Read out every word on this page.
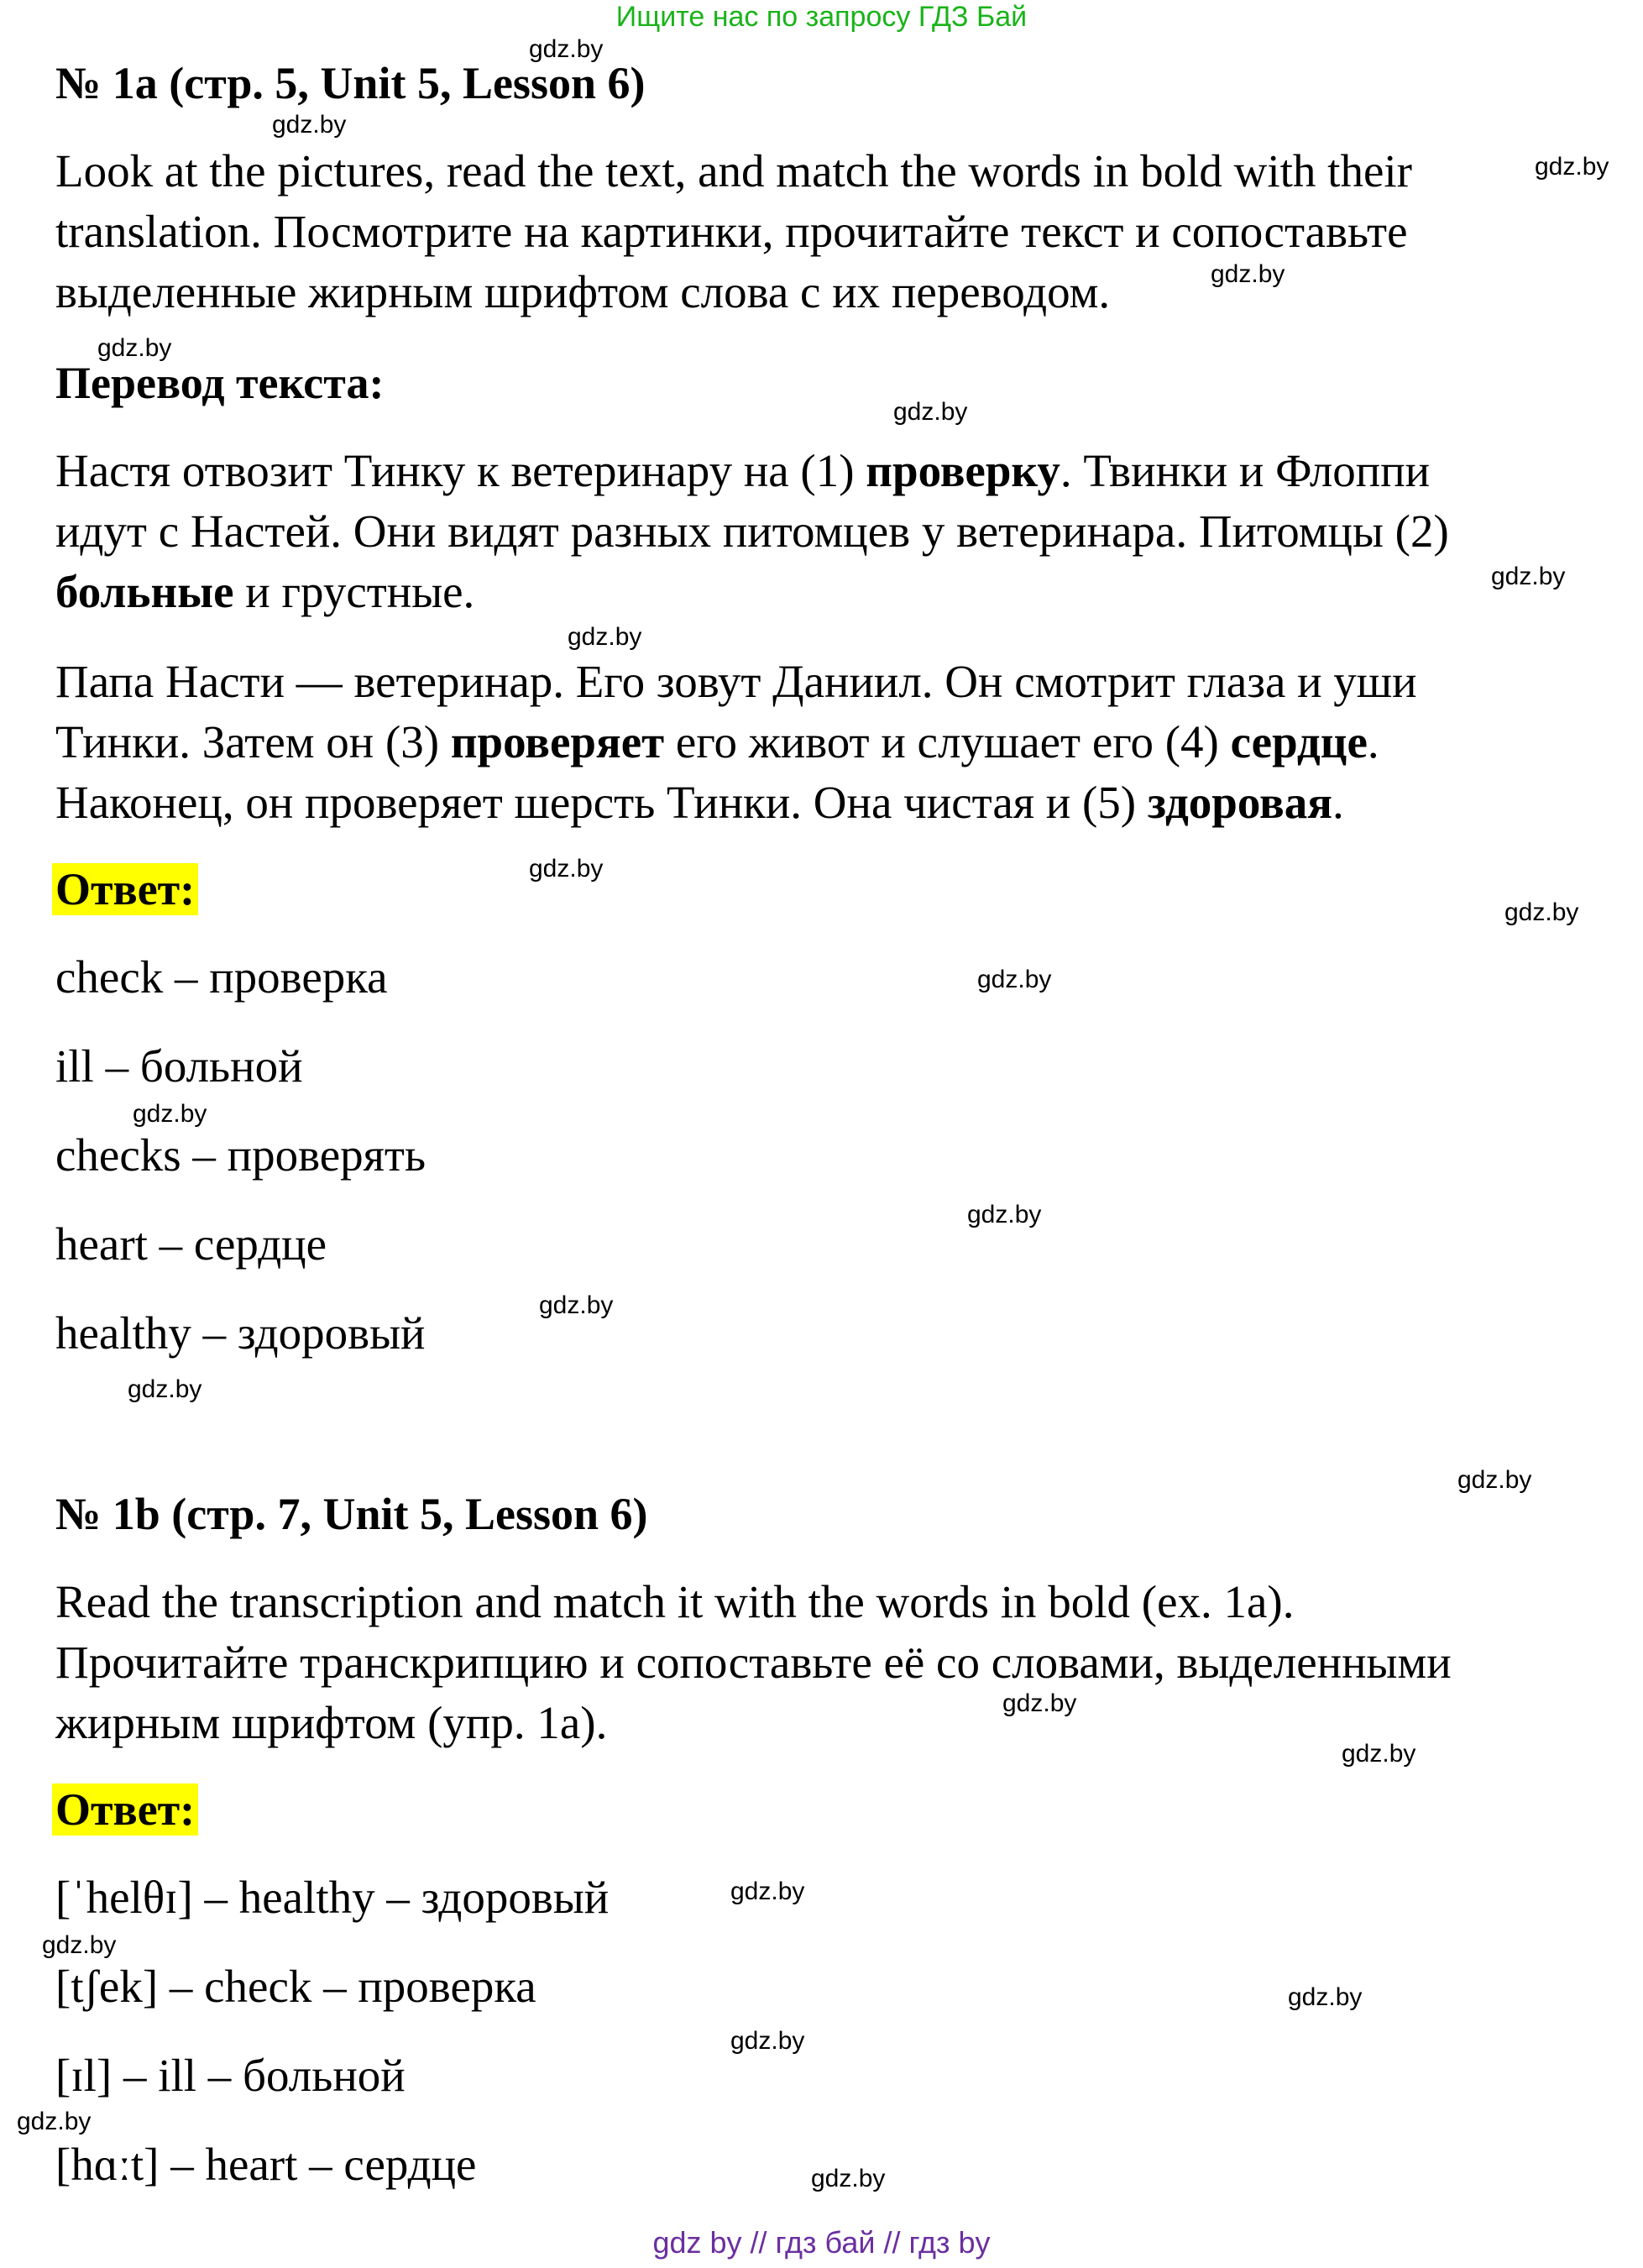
Ищите нас по запросу ГДЗ Бай
№ 1a (стр. 5, Unit 5, Lesson 6)
Look at the pictures, read the text, and match the words in bold with their
translation. Посмотрите на картинки, прочитайте текст и сопоставьте
выделенные жирным шрифтом слова с их переводом.
Перевод текста:
Настя отвозит Тинку к ветеринару на (1) проверку. Твинки и Флоппи
идут с Настей. Они видят разных питомцев у ветеринара. Питомцы (2)
больные и грустные.
Папа Насти — ветеринар. Его зовут Даниил. Он смотрит глаза и уши
Тинки. Затем он (3) проверяет его живот и слушает его (4) сердце.
Наконец, он проверяет шерсть Тинки. Она чистая и (5) здоровая.
Ответ:
check – проверка
ill – больной
checks – проверять
heart – сердце
healthy – здоровый
№ 1b (стр. 7, Unit 5, Lesson 6)
Read the transcription and match it with the words in bold (ex. 1a).
Прочитайте транскрипцию и сопоставьте её со словами, выделенными
жирным шрифтом (упр. 1а).
Ответ:
[ˈhelθɪ] – healthy – здоровый
[tʃek] – check – проверка
[ɪl] – ill – больной
[hɑːt] – heart – сердце
gdz.by
gdz.by
gdz.by
gdz.by
gdz.by
gdz.by
gdz.by
gdz.by
gdz.by
gdz.by
gdz.by
gdz.by
gdz.by
gdz.by
gdz.by
gdz.by
gdz.by
gdz.by
gdz.by
gdz.by
gdz.by
gdz.by
gdz.by
gdz.by
gdz by // гдз бай // гдз by
